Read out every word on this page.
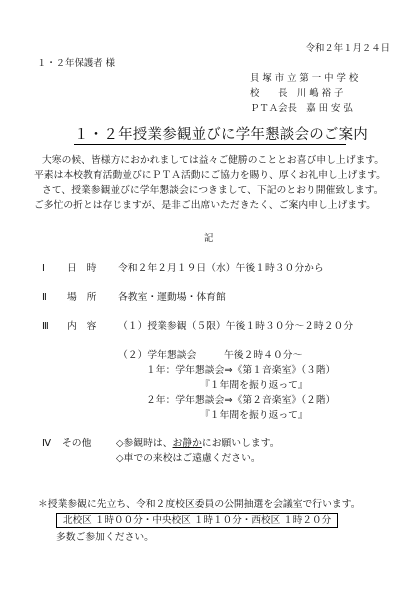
令和２年１月２４日
１・２年保護者 様
貝 塚 市 立 第 一 中 学 校
校　　長　川 嶋 裕 子
ＰＴＡ会長　嘉 田 安 弘
１・２年授業参観並びに学年懇談会のご案内
大寒の候、皆様方におかれましては益々ご健勝のこととお喜び申し上げます。
平素は本校教育活動並びにＰＴＡ活動にご協力を賜り、厚くお礼申し上げます。
さて、授業参観並びに学年懇談会につきまして、下記のとおり開催致します。
ご多忙の折とは存じますが、是非ご出席いただきたく、ご案内申し上げます。
記
Ⅰ 日　時 令和２年２月１９日（水）午後１時３０分から
Ⅱ 場　所 各教室・運動場・体育館
Ⅲ 内　容 （１）授業参観（５限）午後１時３０分～２時２０分
（２）学年懇談会	午後２時４０分～
１年：学年懇談会⇒《第１音楽室》（３階）
『１年間を振り返って』
２年：学年懇談会⇒《第２音楽室》（２階）
『１年間を振り返って』
Ⅳ その他	◇参観時は、お静かにお願いします。
◇車での来校はご遠慮ください。
＊授業参観に先立ち、令和２度校区委員の公開抽選を会議室で行います。
北校区 １時００分・中央校区 １時１０分・西校区 １時２０分
多数ご参加ください。
